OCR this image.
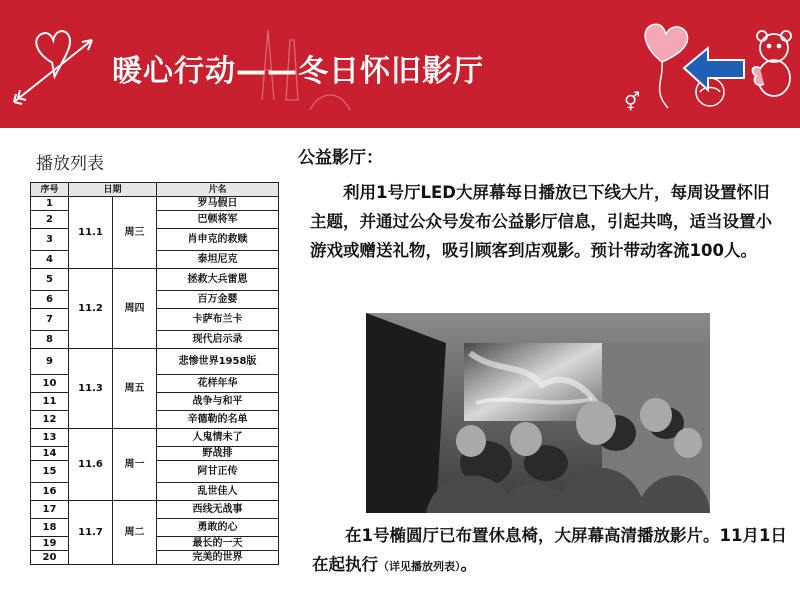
⚥
暖心行动——冬日怀旧影厅
播放列表
序号	日期		片名
1	11.1	周三	罗马假日
2			巴顿将军
3			肖申克的救赎
4			泰坦尼克
5	11.2	周四	拯救大兵雷恩
6			百万金婴
7			卡萨布兰卡
8			现代启示录
9	11.3	周五	悲惨世界1958版
10			花样年华
11			战争与和平
12			辛德勒的名单
13	11.6	周一	人鬼情未了
14			野战排
15			阿甘正传
16			乱世佳人
17	11.7	周二	西线无战事
18			勇敢的心
19			最长的一天
20			完美的世界
公益影厅：
利用1号厅LED大屏幕每日播放已下线大片，每周设置怀旧主题，并通过公众号发布公益影厅信息，引起共鸣，适当设置小游戏或赠送礼物，吸引顾客到店观影。预计带动客流100人。
在1号椭圆厅已布置休息椅，大屏幕高清播放影片。11月1日在起执行（详见播放列表）。
